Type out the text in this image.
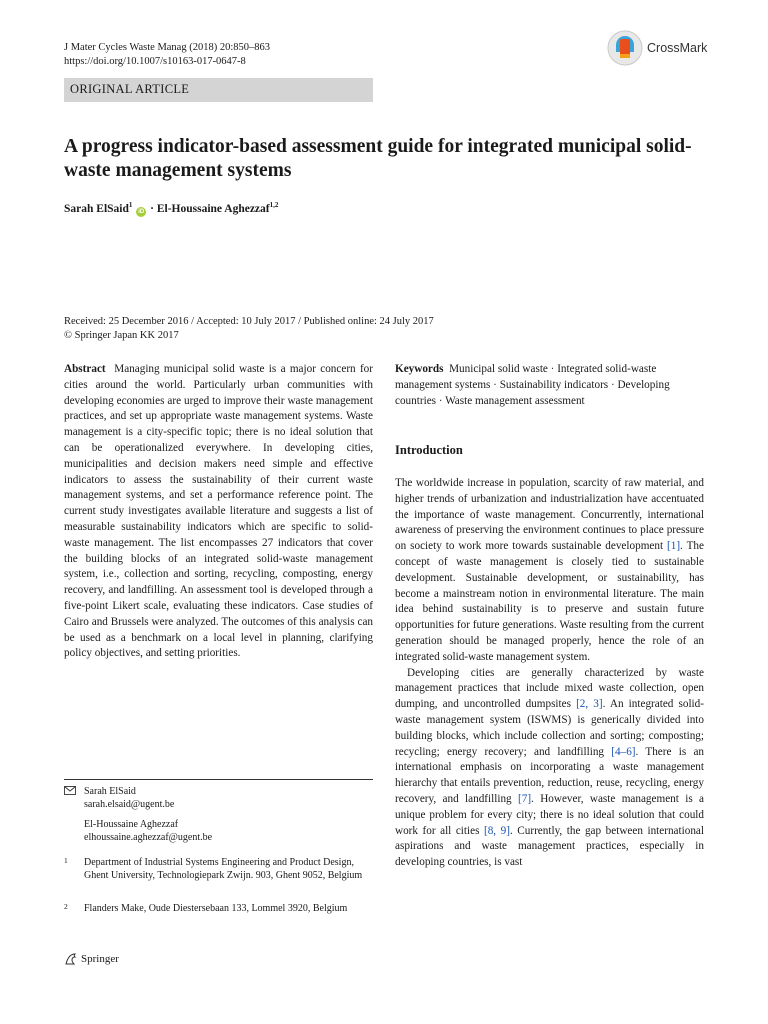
J Mater Cycles Waste Manag (2018) 20:850–863
https://doi.org/10.1007/s10163-017-0647-8
CrossMark
ORIGINAL ARTICLE
A progress indicator-based assessment guide for integrated municipal solid-waste management systems
Sarah ElSaid$^1$ iD · El-Houssaine Aghezzaf$^{1,2}$
Received: 25 December 2016 / Accepted: 10 July 2017 / Published online: 24 July 2017
© Springer Japan KK 2017

Abstract Managing municipal solid waste is a major concern for cities around the world. Particularly urban communities with developing economies are urged to improve their waste management practices, and set up appropriate waste management systems. Waste management is a city-specific topic; there is no ideal solution that can be operationalized everywhere. In developing cities, municipalities and decision makers need simple and effective indicators to assess the sustainability of their current waste management systems, and set a performance reference point. The current study investigates available literature and suggests a list of measurable sustainability indicators which are specific to solid-waste management. The list encompasses 27 indicators that cover the building blocks of an integrated solid-waste management system, i.e., collection and sorting, recycling, composting, energy recovery, and landfilling. An assessment tool is developed through a five-point Likert scale, evaluating these indicators. Case studies of Cairo and Brussels were analyzed. The outcomes of this analysis can be used as a benchmark on a local level in planning, clarifying policy objectives, and setting priorities.

Keywords Municipal solid waste · Integrated solid-waste management systems · Sustainability indicators · Developing countries · Waste management assessment

Introduction

The worldwide increase in population, scarcity of raw material, and higher trends of urbanization and industrialization have accentuated the importance of waste management. Concurrently, international awareness of preserving the environment continues to place pressure on society to work more towards sustainable development [1]. The concept of waste management is closely tied to sustainable development. Sustainable development, or sustainability, has become a mainstream notion in environmental literature. The main idea behind sustainability is to preserve and sustain future opportunities for future generations. Waste resulting from the current generation should be managed properly, hence the role of an integrated solid-waste management system.

Developing cities are generally characterized by waste management practices that include mixed waste collection, open dumping, and uncontrolled dumpsites [2, 3]. An integrated solid-waste management system (ISWMS) is generically divided into building blocks, which include collection and sorting; composting; recycling; energy recovery; and landfilling [4–6]. There is an international emphasis on incorporating a waste management hierarchy that entails prevention, reduction, reuse, recycling, energy recovery, and landfilling [7]. However, waste management is a unique problem for every city; there is no ideal solution that could work for all cities [8, 9]. Currently, the gap between international aspirations and waste management practices, especially in developing countries, is vast

Sarah ElSaid
sarah.elsaid@ugent.be
El-Houssaine Aghezzaf
elhoussaine.aghezzaf@ugent.be
1 Department of Industrial Systems Engineering and Product Design, Ghent University, Technologiepark Zwijn. 903, Ghent 9052, Belgium
2 Flanders Make, Oude Diestersebaan 133, Lommel 3920, Belgium
Springer
